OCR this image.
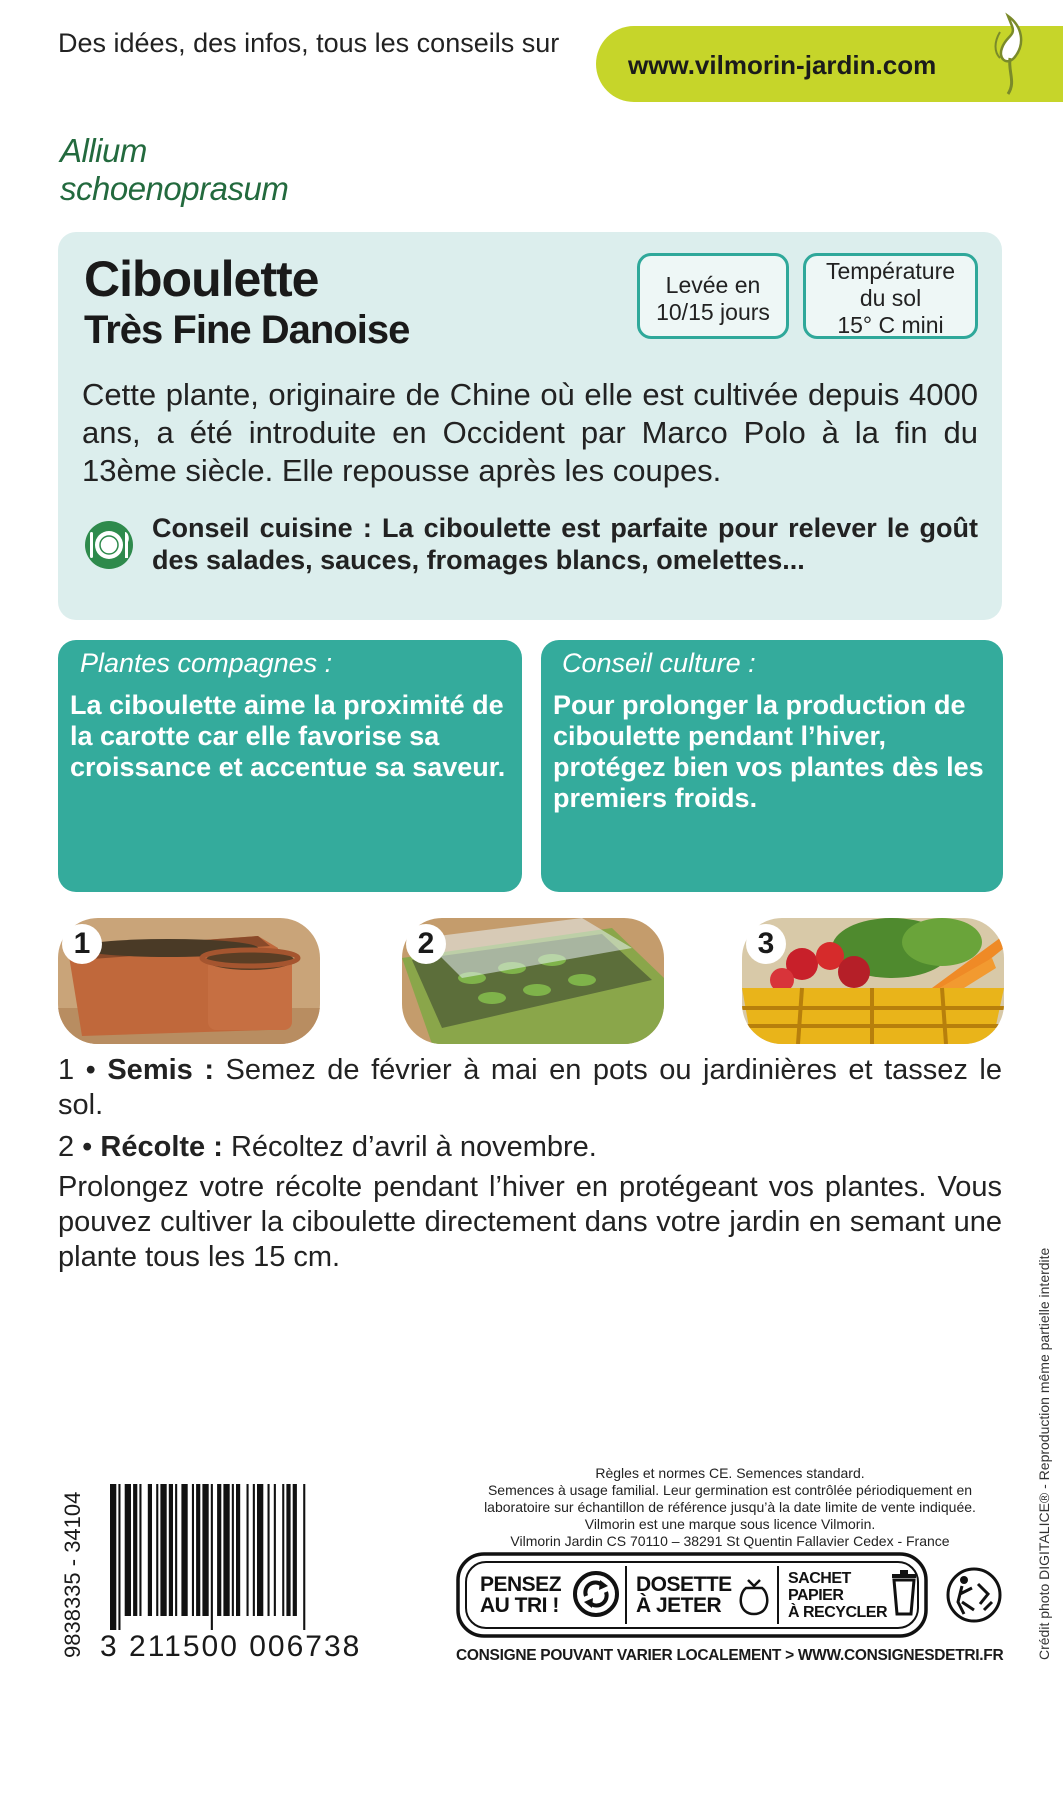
Des idées, des infos, tous les conseils sur
www.vilmorin-jardin.com
Allium
schoenoprasum
Ciboulette
Très Fine Danoise
Levée en
10/15 jours
Température
du sol
15° C mini
Cette plante, originaire de Chine où elle est cultivée depuis 4000 ans, a été introduite en Occident par Marco Polo à la fin du 13ème siècle. Elle repousse après les coupes.
Conseil cuisine : La ciboulette est parfaite pour relever le goût des salades, sauces, fromages blancs, omelettes...
Plantes compagnes :
La ciboulette aime la proximité de la carotte car elle favorise sa croissance et accentue sa saveur.
Conseil culture :
Pour prolonger la production de ciboulette pendant l’hiver, protégez bien vos plantes dès les premiers froids.
1	2	3
1 • Semis : Semez de février à mai en pots ou jardinières et tassez le sol.
2 • Récolte : Récoltez d’avril à novembre.
Prolongez votre récolte pendant l’hiver en protégeant vos plantes. Vous pouvez cultiver la ciboulette directement dans votre jardin en semant une plante tous les 15 cm.	Crédit photo DIGITALICE® - Reproduction même partielle interdite
9838335 - 34104 3 211500 006738
Règles et normes CE. Semences standard.
Semences à usage familial. Leur germination est contrôlée périodiquement en laboratoire sur échantillon de référence jusqu’à la date limite de vente indiquée.
Vilmorin est une marque sous licence Vilmorin.
Vilmorin Jardin CS 70110 – 38291 St Quentin Fallavier Cedex - France
PENSEZ
AU TRI !
DOSETTE
À JETER
SACHET
PAPIER
À RECYCLER
CONSIGNE POUVANT VARIER LOCALEMENT > WWW.CONSIGNESDETRI.FR
